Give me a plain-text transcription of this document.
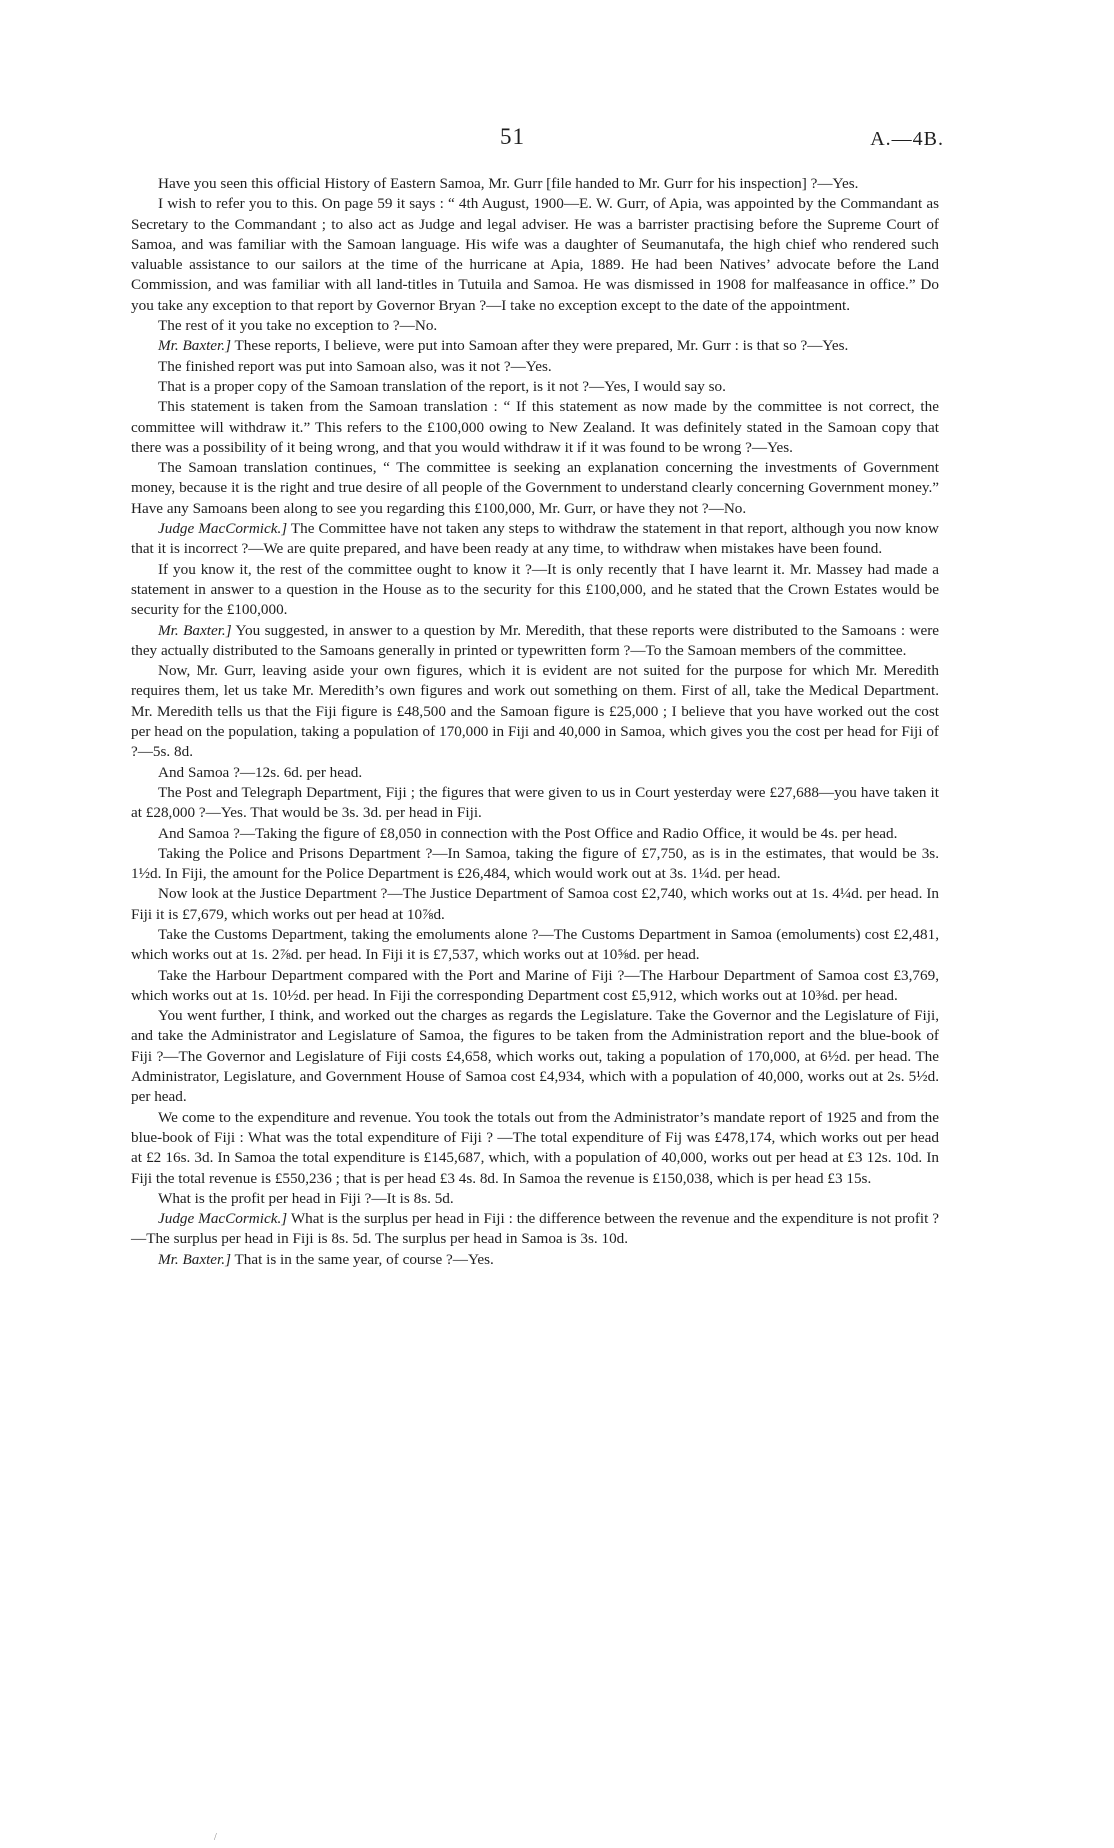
51	A.—4B.

Have you seen this official History of Eastern Samoa, Mr. Gurr [file handed to Mr. Gurr for his inspection] ?—Yes.

I wish to refer you to this. On page 59 it says : “ 4th August, 1900—E. W. Gurr, of Apia, was appointed by the Commandant as Secretary to the Commandant ; to also act as Judge and legal adviser. He was a barrister practising before the Supreme Court of Samoa, and was familiar with the Samoan language. His wife was a daughter of Seumanutafa, the high chief who rendered such valuable assistance to our sailors at the time of the hurricane at Apia, 1889. He had been Natives’ advocate before the Land Commission, and was familiar with all land-titles in Tutuila and Samoa. He was dismissed in 1908 for malfeasance in office.” Do you take any exception to that report by Governor Bryan ?—I take no exception except to the date of the appointment.

The rest of it you take no exception to ?—No.

Mr. Baxter.] These reports, I believe, were put into Samoan after they were prepared, Mr. Gurr : is that so ?—Yes.

The finished report was put into Samoan also, was it not ?—Yes.

That is a proper copy of the Samoan translation of the report, is it not ?—Yes, I would say so.

This statement is taken from the Samoan translation : “ If this statement as now made by the committee is not correct, the committee will withdraw it.” This refers to the £100,000 owing to New Zealand. It was definitely stated in the Samoan copy that there was a possibility of it being wrong, and that you would withdraw it if it was found to be wrong ?—Yes.

The Samoan translation continues, “ The committee is seeking an explanation concerning the investments of Government money, because it is the right and true desire of all people of the Government to understand clearly concerning Government money.” Have any Samoans been along to see you regarding this £100,000, Mr. Gurr, or have they not ?—No.

Judge MacCormick.] The Committee have not taken any steps to withdraw the statement in that report, although you now know that it is incorrect ?—We are quite prepared, and have been ready at any time, to withdraw when mistakes have been found.

If you know it, the rest of the committee ought to know it ?—It is only recently that I have learnt it. Mr. Massey had made a statement in answer to a question in the House as to the security for this £100,000, and he stated that the Crown Estates would be security for the £100,000.

Mr. Baxter.] You suggested, in answer to a question by Mr. Meredith, that these reports were distributed to the Samoans : were they actually distributed to the Samoans generally in printed or typewritten form ?—To the Samoan members of the committee.

Now, Mr. Gurr, leaving aside your own figures, which it is evident are not suited for the purpose for which Mr. Meredith requires them, let us take Mr. Meredith’s own figures and work out something on them. First of all, take the Medical Department. Mr. Meredith tells us that the Fiji figure is £48,500 and the Samoan figure is £25,000 ; I believe that you have worked out the cost per head on the population, taking a population of 170,000 in Fiji and 40,000 in Samoa, which gives you the cost per head for Fiji of ?—5s. 8d.

And Samoa ?—12s. 6d. per head.

The Post and Telegraph Department, Fiji ; the figures that were given to us in Court yesterday were £27,688—you have taken it at £28,000 ?—Yes. That would be 3s. 3d. per head in Fiji.

And Samoa ?—Taking the figure of £8,050 in connection with the Post Office and Radio Office, it would be 4s. per head.

Taking the Police and Prisons Department ?—In Samoa, taking the figure of £7,750, as is in the estimates, that would be 3s. 1½d. In Fiji, the amount for the Police Department is £26,484, which would work out at 3s. 1¼d. per head.

Now look at the Justice Department ?—The Justice Department of Samoa cost £2,740, which works out at 1s. 4¼d. per head. In Fiji it is £7,679, which works out per head at 10⅞d.

Take the Customs Department, taking the emoluments alone ?—The Customs Department in Samoa (emoluments) cost £2,481, which works out at 1s. 2⅞d. per head. In Fiji it is £7,537, which works out at 10⅝d. per head.

Take the Harbour Department compared with the Port and Marine of Fiji ?—The Harbour Department of Samoa cost £3,769, which works out at 1s. 10½d. per head. In Fiji the corresponding Department cost £5,912, which works out at 10⅜d. per head.

You went further, I think, and worked out the charges as regards the Legislature. Take the Governor and the Legislature of Fiji, and take the Administrator and Legislature of Samoa, the figures to be taken from the Administration report and the blue-book of Fiji ?—The Governor and Legislature of Fiji costs £4,658, which works out, taking a population of 170,000, at 6½d. per head. The Administrator, Legislature, and Government House of Samoa cost £4,934, which with a population of 40,000, works out at 2s. 5½d. per head.

We come to the expenditure and revenue. You took the totals out from the Administrator’s mandate report of 1925 and from the blue-book of Fiji : What was the total expenditure of Fiji ? —The total expenditure of Fij was £478,174, which works out per head at £2 16s. 3d. In Samoa the total expenditure is £145,687, which, with a population of 40,000, works out per head at £3 12s. 10d. In Fiji the total revenue is £550,236 ; that is per head £3 4s. 8d. In Samoa the revenue is £150,038, which is per head £3 15s.

What is the profit per head in Fiji ?—It is 8s. 5d.

Judge MacCormick.] What is the surplus per head in Fiji : the difference between the revenue and the expenditure is not profit ?—The surplus per head in Fiji is 8s. 5d. The surplus per head in Samoa is 3s. 10d.

Mr. Baxter.] That is in the same year, of course ?—Yes.

/
